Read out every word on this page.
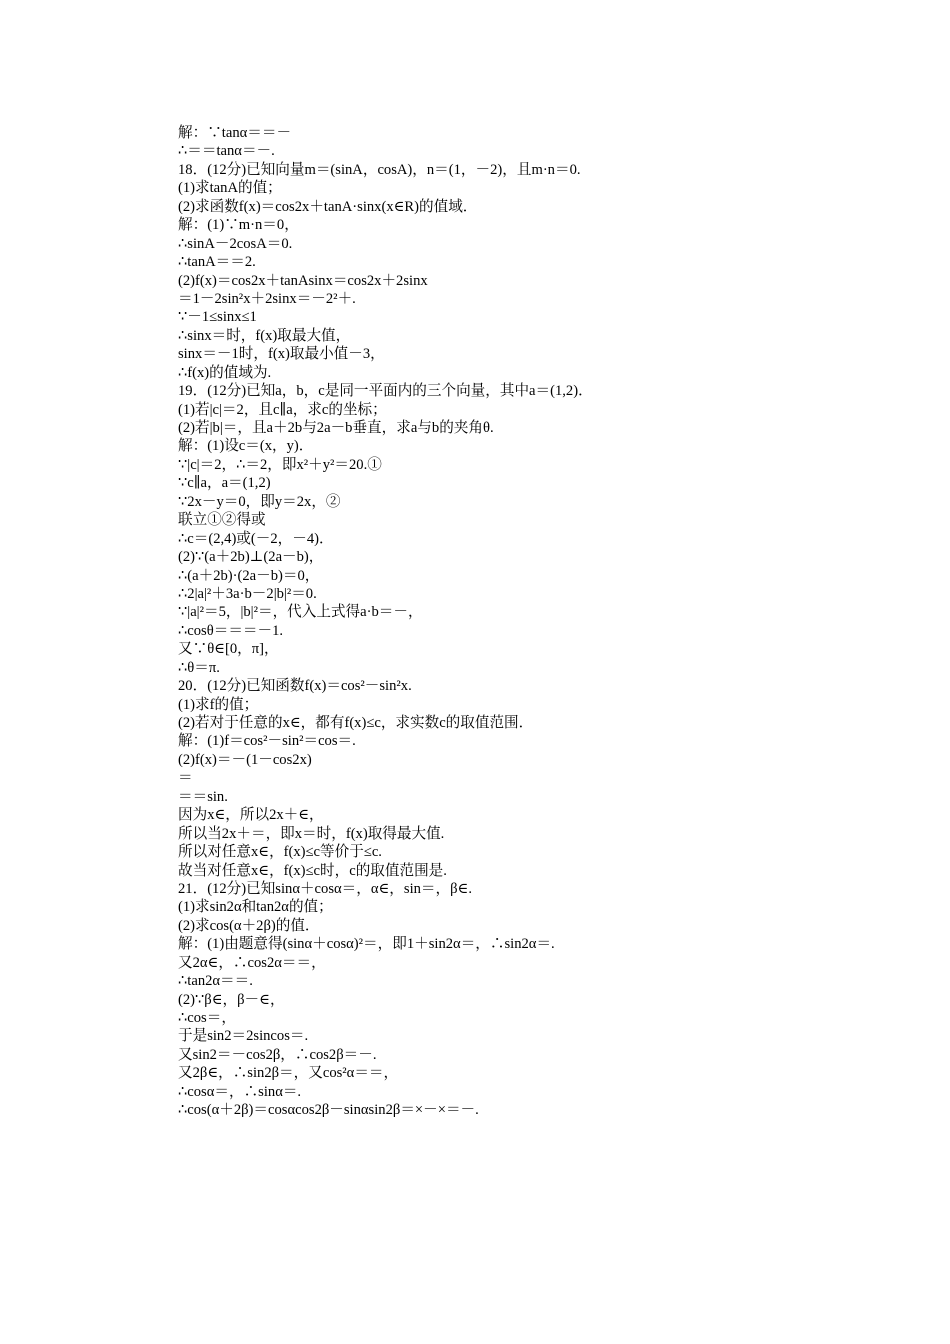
解：∵tanα＝＝－
∴＝＝tanα＝－.
18．(12分)已知向量m＝(sinA，cosA)，n＝(1，－2)，且m·n＝0.
(1)求tanA的值；
(2)求函数f(x)＝cos2x＋tanA·sinx(x∈R)的值域．
解：(1)∵m·n＝0，
∴sinA－2cosA＝0.
∴tanA＝＝2.
(2)f(x)＝cos2x＋tanAsinx＝cos2x＋2sinx
＝1－2sin²x＋2sinx＝－2²＋.
∵－1≤sinx≤1
∴sinx＝时，f(x)取最大值，
sinx＝－1时，f(x)取最小值－3，
∴f(x)的值域为.
19．(12分)已知a，b，c是同一平面内的三个向量，其中a＝(1,2)．
(1)若|c|＝2，且c∥a，求c的坐标；
(2)若|b|＝，且a＋2b与2a－b垂直，求a与b的夹角θ.
解：(1)设c＝(x，y)．
∵|c|＝2，∴＝2，即x²＋y²＝20.①
∵c∥a，a＝(1,2)
∵2x－y＝0，即y＝2x，②
联立①②得或
∴c＝(2,4)或(－2，－4)．
(2)∵(a＋2b)⊥(2a－b)，
∴(a＋2b)·(2a－b)＝0，
∴2|a|²＋3a·b－2|b|²＝0.
∵|a|²＝5，|b|²＝，代入上式得a·b＝－，
∴cosθ＝＝＝－1.
又∵θ∈[0，π]，
∴θ＝π.
20．(12分)已知函数f(x)＝cos²－sin²x.
(1)求f的值；
(2)若对于任意的x∈，都有f(x)≤c，求实数c的取值范围．
解：(1)f＝cos²－sin²＝cos＝.
(2)f(x)＝－(1－cos2x)
＝
＝＝sin.
因为x∈，所以2x＋∈，
所以当2x＋＝，即x＝时，f(x)取得最大值.
所以对任意x∈，f(x)≤c等价于≤c.
故当对任意x∈，f(x)≤c时，c的取值范围是.
21．(12分)已知sinα＋cosα＝，α∈，sin＝，β∈.
(1)求sin2α和tan2α的值；
(2)求cos(α＋2β)的值．
解：(1)由题意得(sinα＋cosα)²＝，即1＋sin2α＝，∴sin2α＝.
又2α∈，∴cos2α＝＝，
∴tan2α＝＝.
(2)∵β∈，β－∈，
∴cos＝，
于是sin2＝2sincos＝.
又sin2＝－cos2β，∴cos2β＝－.
又2β∈，∴sin2β＝，又cos²α＝＝，
∴cosα＝，∴sinα＝.
∴cos(α＋2β)＝cosαcos2β－sinαsin2β＝×－×＝－.
